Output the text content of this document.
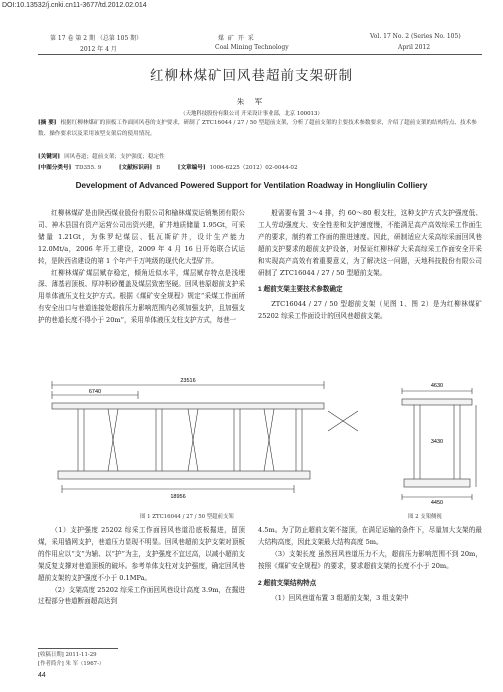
DOI:10.13532/j.cnki.cn11-3677/td.2012.02.014
第 17 卷 第 2 期 （总第 105 期）
2012 年 4 月
煤 矿 开 采
Coal Mining Technology
Vol. 17 No. 2 (Series No. 105)
April 2012
红柳林煤矿回风巷超前支架研制
朱 军
（天地科技股份有限公司 开采设计事业部，北京 100013）
[摘 要] 根据红柳林煤矿的顶板工作面回风巷的支护要求，研制了 ZTC16044 / 27 / 50 型超前支架，分析了超前支架的主要技术参数要求，介绍了超前支架的结构特点、技术参数、操作要求以及采用该型支架后的使用情况。
[关键词] 回风巷道；超前支架；支护强度；稳定性
[中图分类号] TD355. 9	[文献标识码] B	[文章编号] 1006-6225（2012）02-0044-02
Development of Advanced Powered Support for Ventilation Roadway in Hongliulin Colliery

红柳林煤矿是由陕西煤业股份有限公司和榆林煤炭运销集团有限公司、神木县国有资产运营公司出资兴建，矿井地质储量 1.95Gt，可采储量 1.21Gt，为侏罗纪煤层、低瓦斯矿井，设计生产能力 12.0Mt/a，2006 年开工建设，2009 年 4 月 16 日开始联合试运转，是陕西省建设的第 1 个年产千万吨级的现代化大型矿井。

红柳林煤矿煤层赋存稳定，倾角近似水平，煤层赋存特点是浅埋深、薄基岩顶板、厚冲积砂覆盖及煤层致密坚硬。回风巷原超前支护采用单体液压支柱支护方式。根据《煤矿安全规程》规定“采煤工作面所有安全出口与巷道连接处超前压力影响范围内必须加强支护，且加强支护的巷道长度不得小于 20m”，采用单体液压支柱支护方式，每巷一

般需要布置 3～4 排，约 60～80 根支柱，这种支护方式支护强度低、工人劳动强度大、安全性差和支护速度慢，不能满足高产高效综采工作面生产的要求，制约着工作面的推进速度。因此，研制适应大采高综采面回风巷超前支护要求的超前支护设备，对保证红柳林矿大采高综采工作面安全开采和实现高产高效有着重要意义，为了解决这一问题，天地科技股份有限公司研制了 ZTC16044 / 27 / 50 型超前支架。

1 超前支架主要技术参数确定

ZTC16044 / 27 / 50 型超前支架（见图 1、图 2）是为红柳林煤矿 25202 综采工作面设计的回风巷超前支架。

23516
6740
18956
图 1 ZTC16044 / 27 / 50 型超前支架
4630
3430
4450
图 2 支架侧视

（1）支护强度 25202 综采工作面回风巷道沿底板掘进，留顶煤，采用锚网支护，巷道压力显现不明显。回风巷超前支护支架对顶板的作用应以“支”为辅、以“护”为主，支护强度不宜过高，以减小超前支架反复支撑对巷道顶板的破坏。参考单体支柱对支护强度，确定回风巷超前支架的支护强度不小于 0.1MPa。

（2）支架高度 25202 综采工作面回风巷设计高度 3.9m，在掘进过程部分巷道断面超高达到

4.5m。为了防止超前支架不接顶，在满足运输的条件下，尽量加大支架的最大结构高度，因此支架最大结构高度 5m。

（3）支架长度 虽然回风巷道压力不大，超前压力影响范围不到 20m，按照《煤矿安全规程》的要求，要求超前支架的长度不小于 20m。

2 超前支架结构特点

（1）回风巷道布置 3 组超前支架，3 组支架中

[收稿日期] 2011-11-29
[作者简介] 朱 军（1967-）
44
